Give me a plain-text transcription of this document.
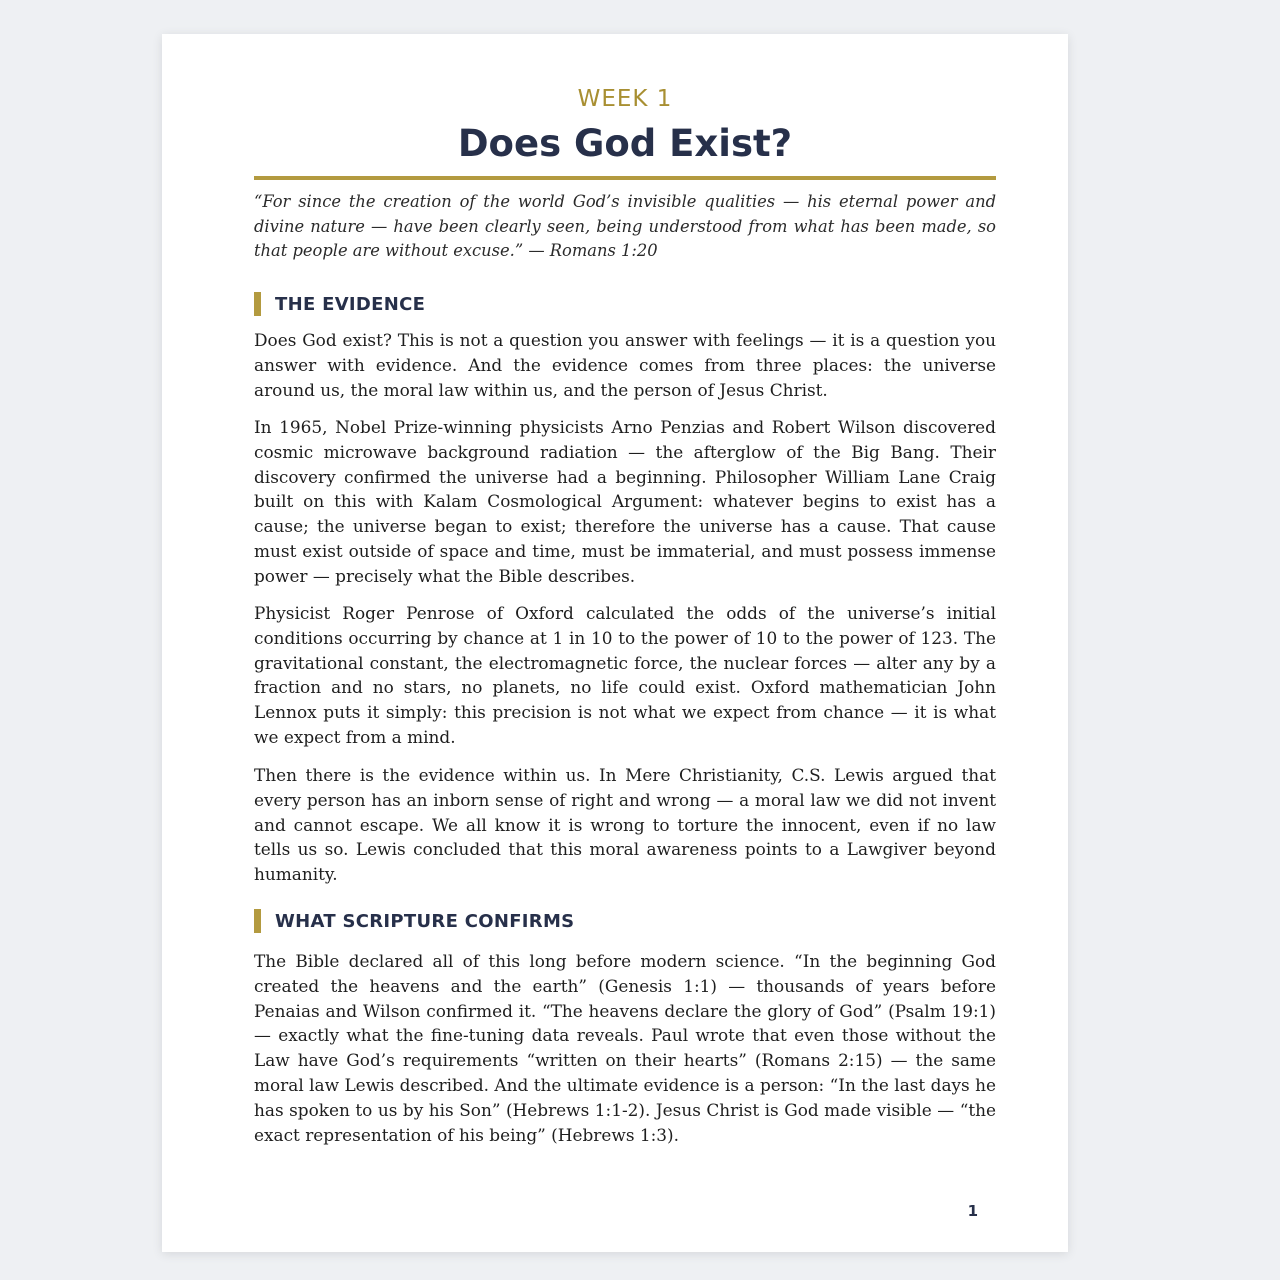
WEEK 1
Does God Exist?

“For since the creation of the world God’s invisible qualities — his eternal power and divine nature — have been clearly seen, being understood from what has been made, so that people are without excuse.” — Romans 1:20

THE EVIDENCE

Does God exist? This is not a question you answer with feelings — it is a question you answer with evidence. And the evidence comes from three places: the universe around us, the moral law within us, and the person of Jesus Christ.

In 1965, Nobel Prize-winning physicists Arno Penzias and Robert Wilson discovered cosmic microwave background radiation — the afterglow of the Big Bang. Their discovery confirmed the universe had a beginning. Philosopher William Lane Craig built on this with Kalam Cosmological Argument: whatever begins to exist has a cause; the universe began to exist; therefore the universe has a cause. That cause must exist outside of space and time, must be immaterial, and must possess immense power — precisely what the Bible describes.

Physicist Roger Penrose of Oxford calculated the odds of the universe’s initial conditions occurring by chance at 1 in 10 to the power of 10 to the power of 123. The gravitational constant, the electromagnetic force, the nuclear forces — alter any by a fraction and no stars, no planets, no life could exist. Oxford mathematician John Lennox puts it simply: this precision is not what we expect from chance — it is what we expect from a mind.

Then there is the evidence within us. In Mere Christianity, C.S. Lewis argued that every person has an inborn sense of right and wrong — a moral law we did not invent and cannot escape. We all know it is wrong to torture the innocent, even if no law tells us so. Lewis concluded that this moral awareness points to a Lawgiver beyond humanity.

WHAT SCRIPTURE CONFIRMS

The Bible declared all of this long before modern science. “In the beginning God created the heavens and the earth” (Genesis 1:1) — thousands of years before Penaias and Wilson confirmed it. “The heavens declare the glory of God” (Psalm 19:1) — exactly what the fine-tuning data reveals. Paul wrote that even those without the Law have God’s requirements “written on their hearts” (Romans 2:15) — the same moral law Lewis described. And the ultimate evidence is a person: “In the last days he has spoken to us by his Son” (Hebrews 1:1-2). Jesus Christ is God made visible — “the exact representation of his being” (Hebrews 1:3).

1
